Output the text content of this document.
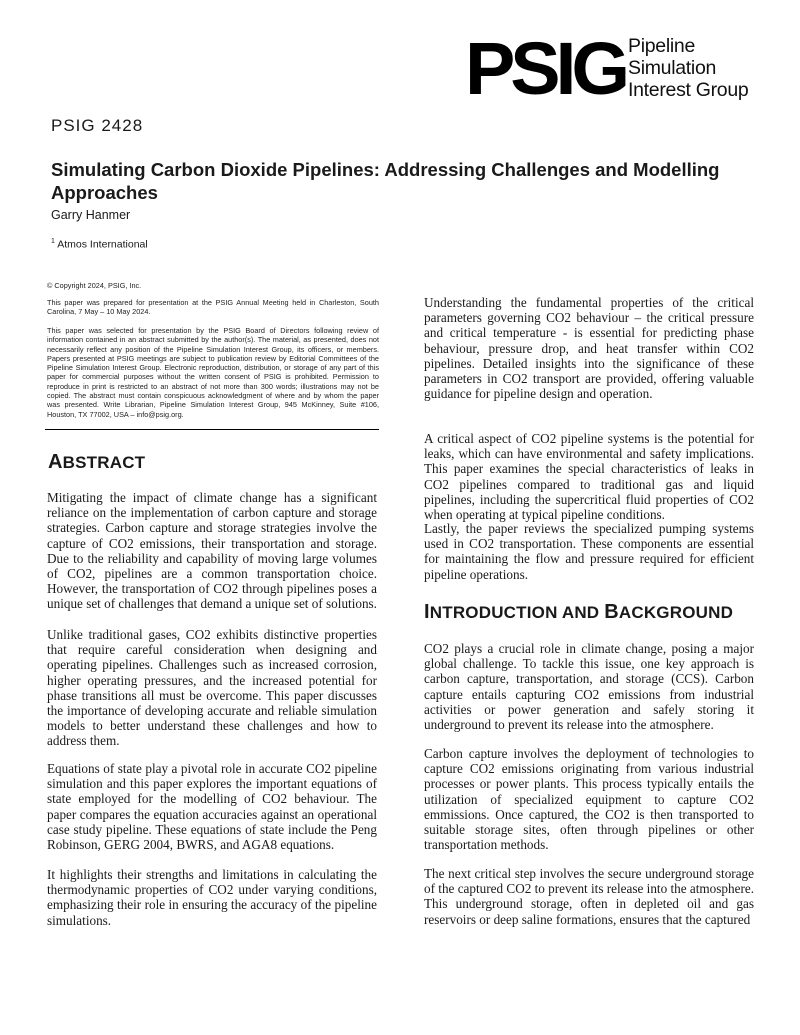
PSIG Pipeline
Simulation
Interest Group
PSIG 2428
Simulating Carbon Dioxide Pipelines: Addressing Challenges and Modelling Approaches
Garry Hanmer
$^1$ Atmos International
© Copyright 2024, PSIG, Inc.
This paper was prepared for presentation at the PSIG Annual Meeting held in Charleston, South Carolina, 7 May – 10 May 2024.
This paper was selected for presentation by the PSIG Board of Directors following review of information contained in an abstract submitted by the author(s). The material, as presented, does not necessarily reflect any position of the Pipeline Simulation Interest Group, its officers, or members. Papers presented at PSIG meetings are subject to publication review by Editorial Committees of the Pipeline Simulation Interest Group. Electronic reproduction, distribution, or storage of any part of this paper for commercial purposes without the written consent of PSIG is prohibited. Permission to reproduce in print is restricted to an abstract of not more than 300 words; illustrations may not be copied. The abstract must contain conspicuous acknowledgment of where and by whom the paper was presented. Write Librarian, Pipeline Simulation Interest Group, 945 McKinney, Suite #106, Houston, TX 77002, USA – info@psig.org.
ABSTRACT

Mitigating the impact of climate change has a significant reliance on the implementation of carbon capture and storage strategies. Carbon capture and storage strategies involve the capture of CO2 emissions, their transportation and storage. Due to the reliability and capability of moving large volumes of CO2, pipelines are a common transportation choice. However, the transportation of CO2 through pipelines poses a unique set of challenges that demand a unique set of solutions.

Unlike traditional gases, CO2 exhibits distinctive properties that require careful consideration when designing and operating pipelines. Challenges such as increased corrosion, higher operating pressures, and the increased potential for phase transitions all must be overcome. This paper discusses the importance of developing accurate and reliable simulation models to better understand these challenges and how to address them.

Equations of state play a pivotal role in accurate CO2 pipeline simulation and this paper explores the important equations of state employed for the modelling of CO2 behaviour. The paper compares the equation accuracies against an operational case study pipeline. These equations of state include the Peng Robinson, GERG 2004, BWRS, and AGA8 equations.

It highlights their strengths and limitations in calculating the thermodynamic properties of CO2 under varying conditions, emphasizing their role in ensuring the accuracy of the pipeline simulations.

Understanding the fundamental properties of the critical parameters governing CO2 behaviour – the critical pressure and critical temperature - is essential for predicting phase behaviour, pressure drop, and heat transfer within CO2 pipelines. Detailed insights into the significance of these parameters in CO2 transport are provided, offering valuable guidance for pipeline design and operation.

A critical aspect of CO2 pipeline systems is the potential for leaks, which can have environmental and safety implications. This paper examines the special characteristics of leaks in CO2 pipelines compared to traditional gas and liquid pipelines, including the supercritical fluid properties of CO2 when operating at typical pipeline conditions.

Lastly, the paper reviews the specialized pumping systems used in CO2 transportation. These components are essential for maintaining the flow and pressure required for efficient pipeline operations.

INTRODUCTION AND BACKGROUND

CO2 plays a crucial role in climate change, posing a major global challenge. To tackle this issue, one key approach is carbon capture, transportation, and storage (CCS). Carbon capture entails capturing CO2 emissions from industrial activities or power generation and safely storing it underground to prevent its release into the atmosphere.

Carbon capture involves the deployment of technologies to capture CO2 emissions originating from various industrial processes or power plants. This process typically entails the utilization of specialized equipment to capture CO2 emmissions. Once captured, the CO2 is then transported to suitable storage sites, often through pipelines or other transportation methods.

The next critical step involves the secure underground storage of the captured CO2 to prevent its release into the atmosphere. This underground storage, often in depleted oil and gas reservoirs or deep saline formations, ensures that the captured
